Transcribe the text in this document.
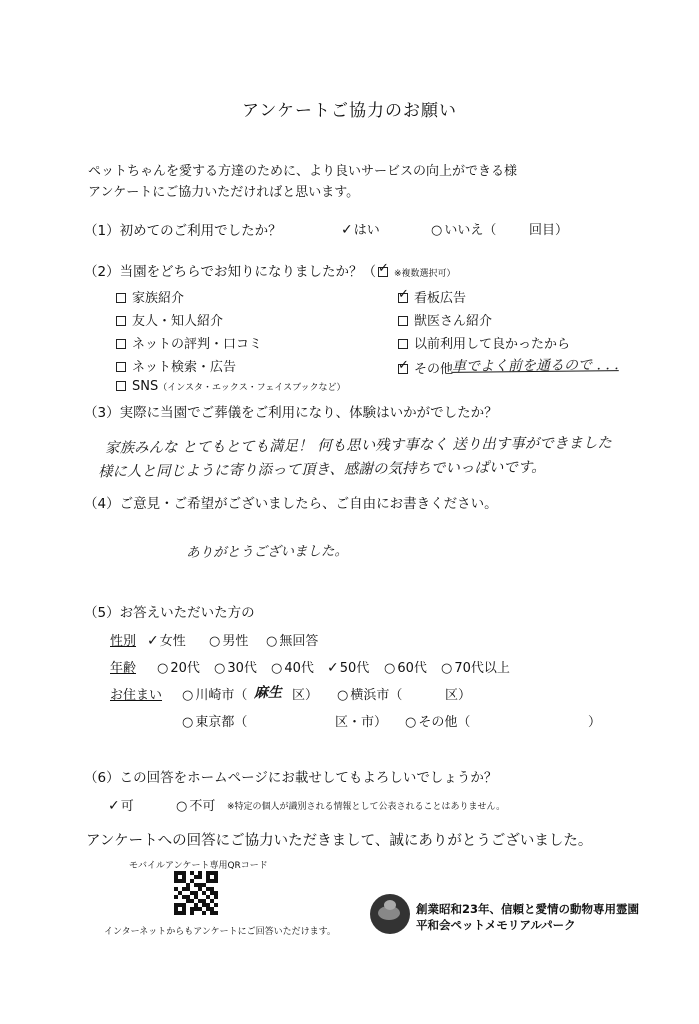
アンケートご協力のお願い
ペットちゃんを愛する方達のために、より良いサービスの向上ができる様
アンケートにご協力いただければと思います。
（1）初めてのご利用でしたか？	✓はい	○ いいえ（	回目）
（2）当園をどちらでお知りになりましたか？（✓ ※複数選択可）
家族紹介
友人・知人紹介
ネットの評判・口コミ
ネット検索・広告
SNS（インスタ・エックス・フェイスブックなど）
✓看板広告
獣医さん紹介
以前利用して良かったから
✓その他
車でよく前を通るので . . .
（3）実際に当園でご葬儀をご利用になり、体験はいかがでしたか？
家族みんな とてもとても満足！ 何も思い残す事なく 送り出す事ができました
様に人と同じように寄り添って頂き、感謝の気持ちでいっぱいです。
（4）ご意見・ご希望がございましたら、ご自由にお書きください。
ありがとうございました。
（5）お答えいただいた方の
性別 ✓女性 ○ 男性 ○ 無回答
年齢 ○ 20代 ○ 30代 ○ 40代 ✓50代 ○ 60代 ○ 70代以上
お住まい ○ 川崎市（ 麻生 区） ○ 横浜市（	区）
○ 東京都（	区・市） ○ その他（	）
（6）この回答をホームページにお載せしてもよろしいでしょうか？
✓可	○ 不可 ※特定の個人が識別される情報として公表されることはありません。
アンケートへの回答にご協力いただきまして、誠にありがとうございました。
モバイルアンケート専用QRコード
インターネットからもアンケートにご回答いただけます。
創業昭和23年、信頼と愛情の動物専用霊園
平和会ペットメモリアルパーク
